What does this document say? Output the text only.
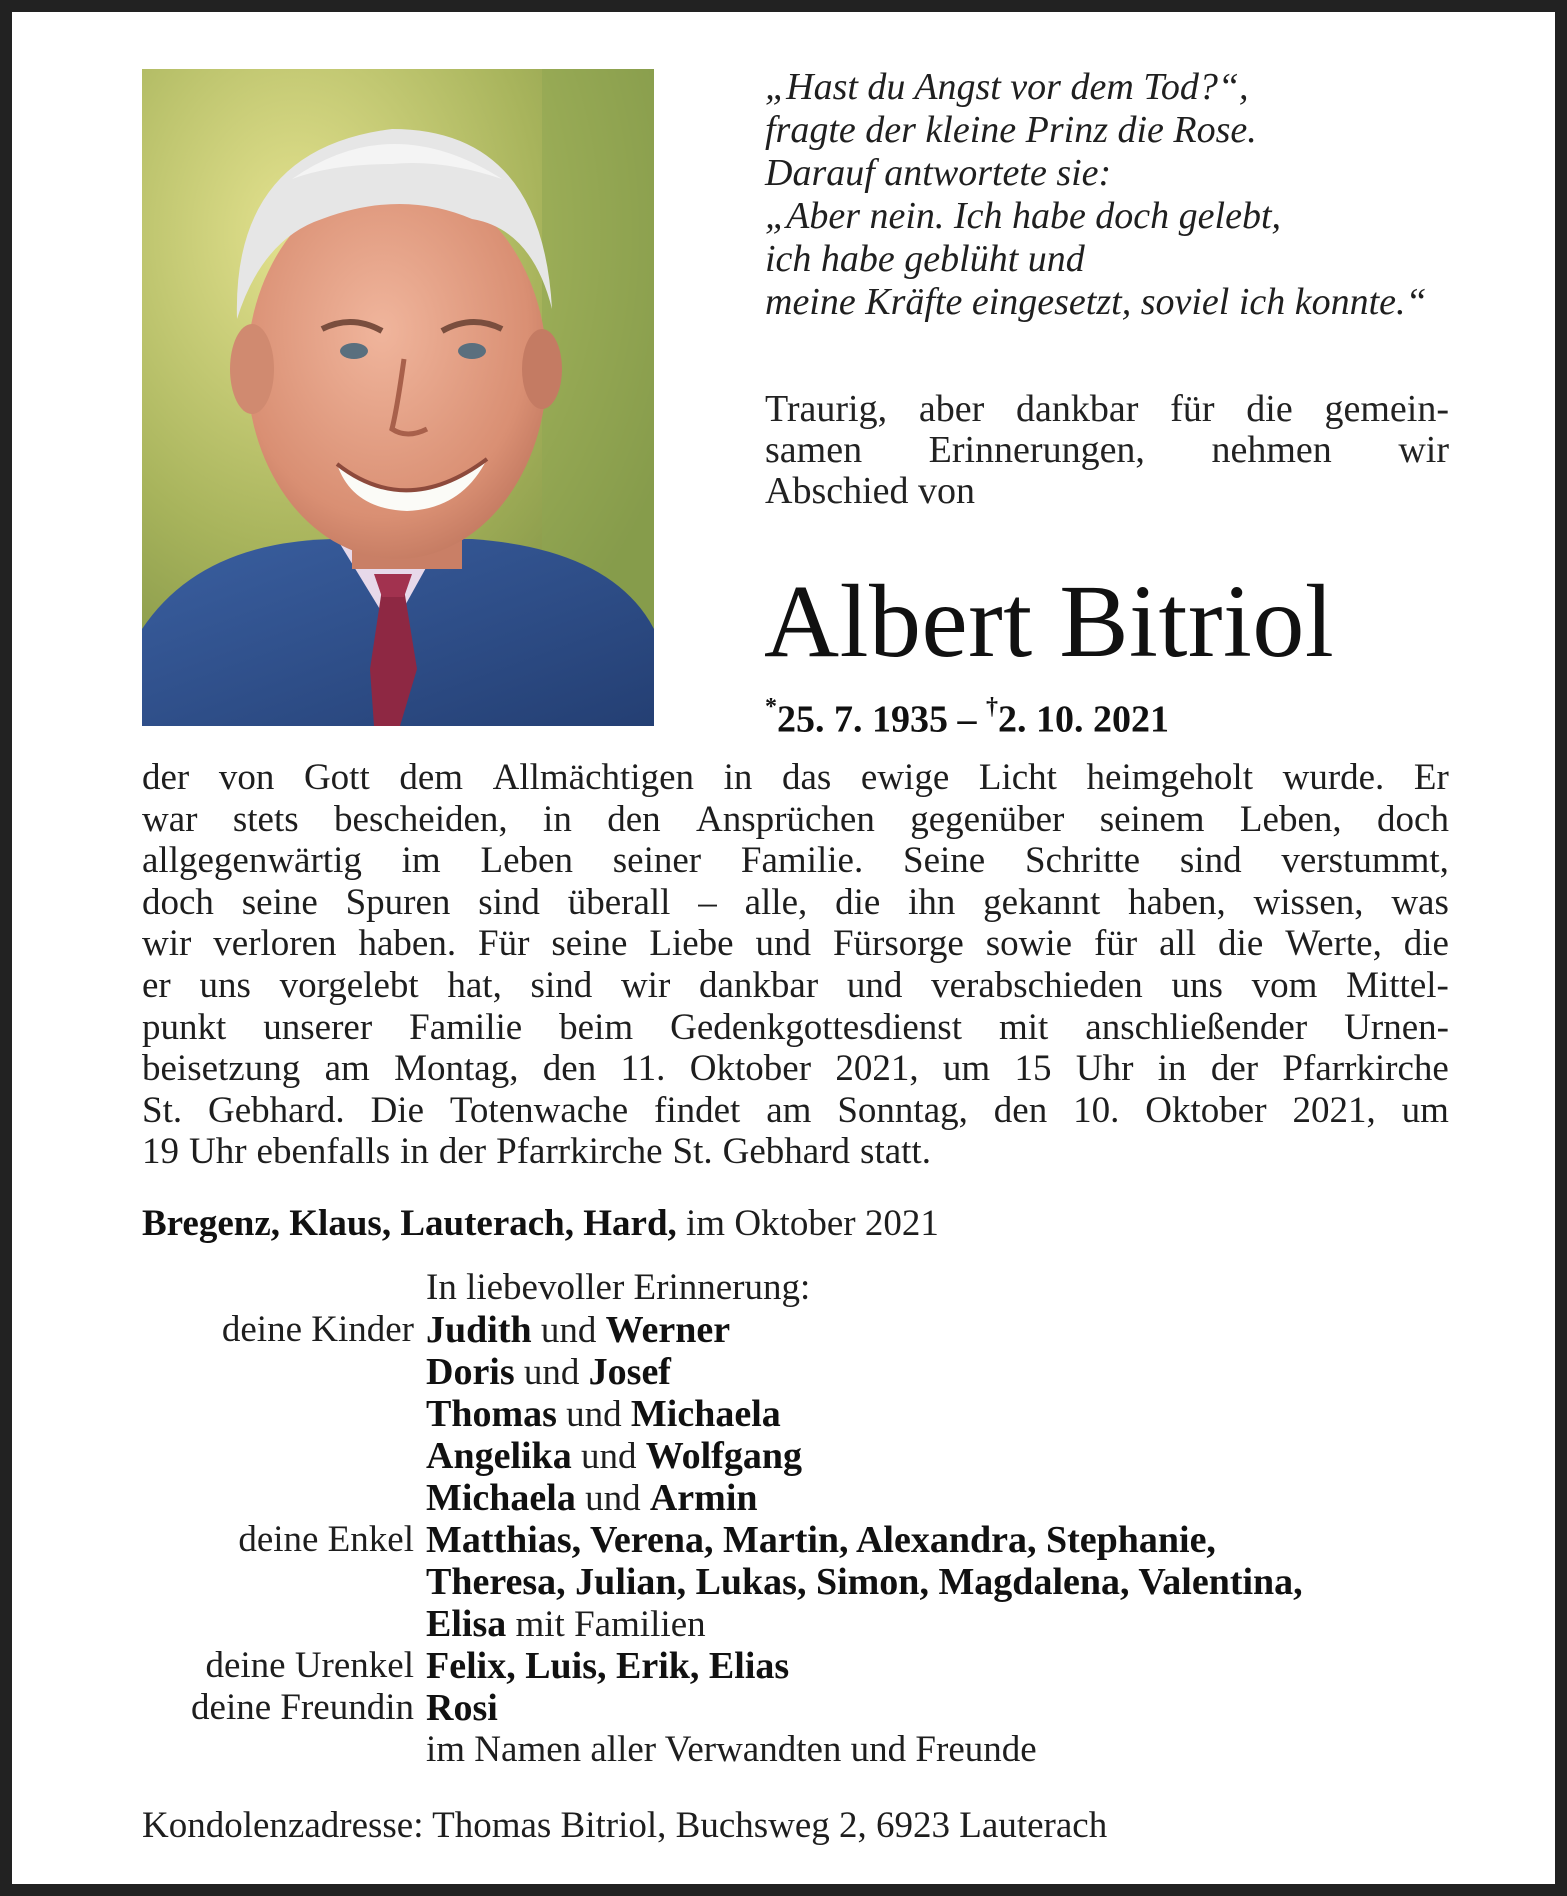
„Hast du Angst vor dem Tod?“,
fragte der kleine Prinz die Rose.
Darauf antwortete sie:
„Aber nein. Ich habe doch gelebt,
ich habe geblüht und
meine Kräfte eingesetzt, soviel ich konnte.“
Traurig, aber dankbar für die gemein-
samen Erinnerungen, nehmen wir
Abschied von
Albert Bitriol
*25. 7. 1935 – †2. 10. 2021
der von Gott dem Allmächtigen in das ewige Licht heimgeholt wurde. Er
war stets bescheiden, in den Ansprüchen gegenüber seinem Leben, doch
allgegenwärtig im Leben seiner Familie. Seine Schritte sind verstummt,
doch seine Spuren sind überall – alle, die ihn gekannt haben, wissen, was
wir verloren haben. Für seine Liebe und Fürsorge sowie für all die Werte, die
er uns vorgelebt hat, sind wir dankbar und verabschieden uns vom Mittel-
punkt unserer Familie beim Gedenkgottesdienst mit anschließender Urnen-
beisetzung am Montag, den 11. Oktober 2021, um 15 Uhr in der Pfarrkirche
St. Gebhard. Die Totenwache findet am Sonntag, den 10. Oktober 2021, um
19 Uhr ebenfalls in der Pfarrkirche St. Gebhard statt.
Bregenz, Klaus, Lauterach, Hard, im Oktober 2021
In liebevoller Erinnerung:
deine Kinder Judith und Werner
Doris und Josef
Thomas und Michaela
Angelika und Wolfgang
Michaela und Armin
deine Enkel Matthias, Verena, Martin, Alexandra, Stephanie,
Theresa, Julian, Lukas, Simon, Magdalena, Valentina,
Elisa mit Familien
deine Urenkel Felix, Luis, Erik, Elias
deine Freundin Rosi
im Namen aller Verwandten und Freunde
Kondolenzadresse: Thomas Bitriol, Buchsweg 2, 6923 Lauterach
